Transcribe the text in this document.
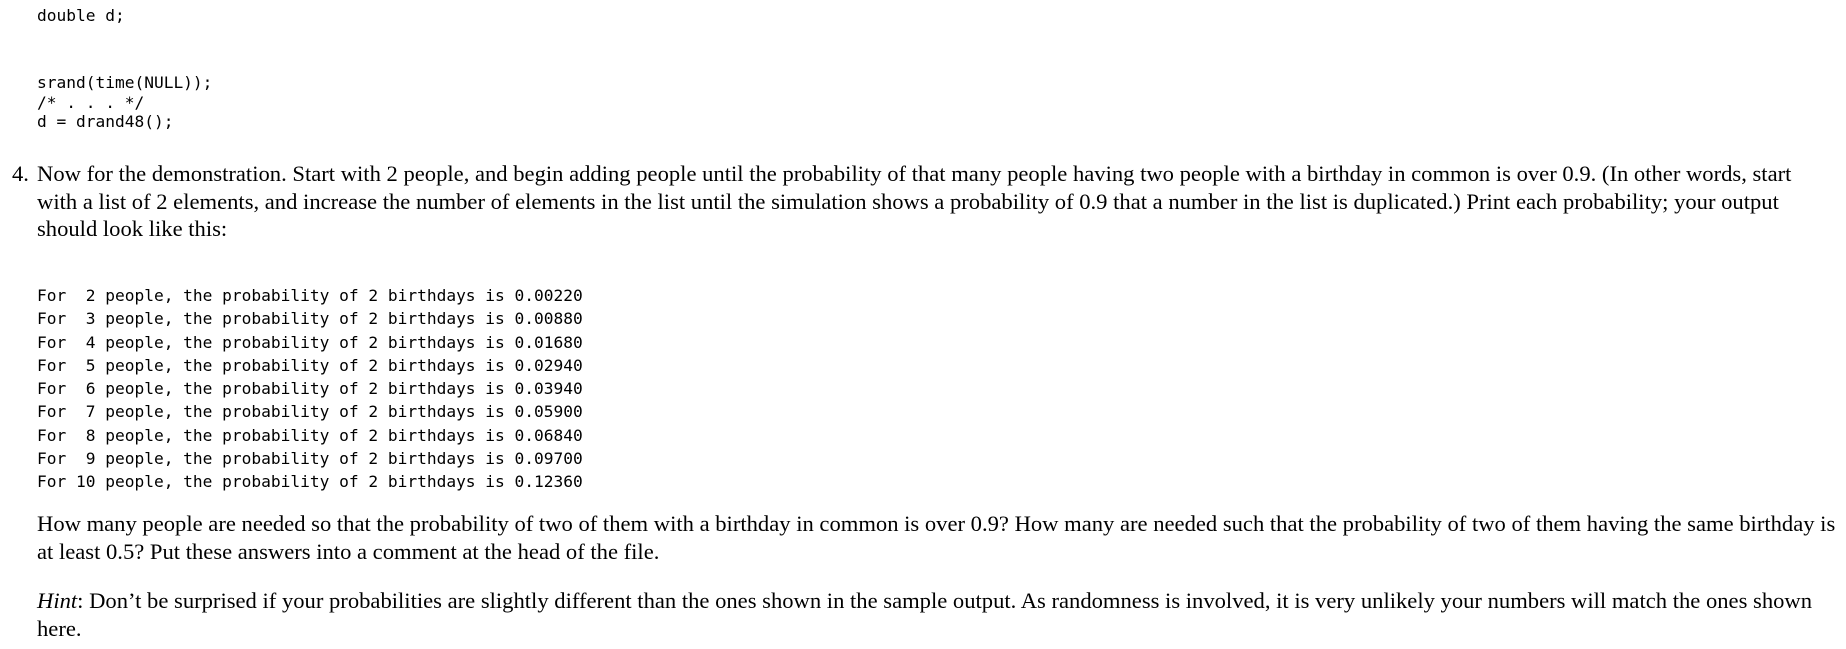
double d;
srand(time(NULL));
/* . . . */
d = drand48();
4. Now for the demonstration. Start with 2 people, and begin adding people until the probability of that many people having two people with a birthday in common is over 0.9. (In other words, start with a list of 2 elements, and increase the number of elements in the list until the simulation shows a probability of 0.9 that a number in the list is duplicated.) Print each probability; your output should look like this:
For  2 people, the probability of 2 birthdays is 0.00220
For  3 people, the probability of 2 birthdays is 0.00880
For  4 people, the probability of 2 birthdays is 0.01680
For  5 people, the probability of 2 birthdays is 0.02940
For  6 people, the probability of 2 birthdays is 0.03940
For  7 people, the probability of 2 birthdays is 0.05900
For  8 people, the probability of 2 birthdays is 0.06840
For  9 people, the probability of 2 birthdays is 0.09700
For 10 people, the probability of 2 birthdays is 0.12360
How many people are needed so that the probability of two of them with a birthday in common is over 0.9? How many are needed such that the probability of two of them having the same birthday is at least 0.5? Put these answers into a comment at the head of the file.
Hint: Don’t be surprised if your probabilities are slightly different than the ones shown in the sample output. As randomness is involved, it is very unlikely your numbers will match the ones shown here.
